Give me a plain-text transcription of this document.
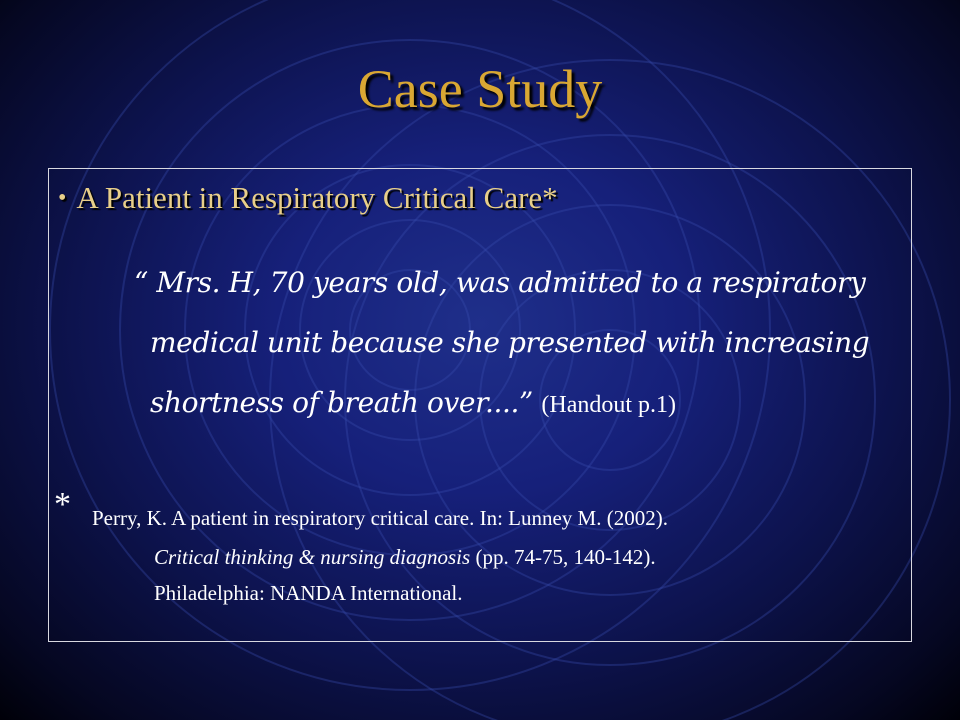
Case Study
• A Patient in Respiratory Critical Care*
“ Mrs. H, 70 years old, was admitted to a respiratory
medical unit because she presented with increasing
shortness of breath over....” (Handout p.1)
* Perry, K. A patient in respiratory critical care. In: Lunney M. (2002).
Critical thinking & nursing diagnosis (pp. 74-75, 140-142).
Philadelphia: NANDA International.
